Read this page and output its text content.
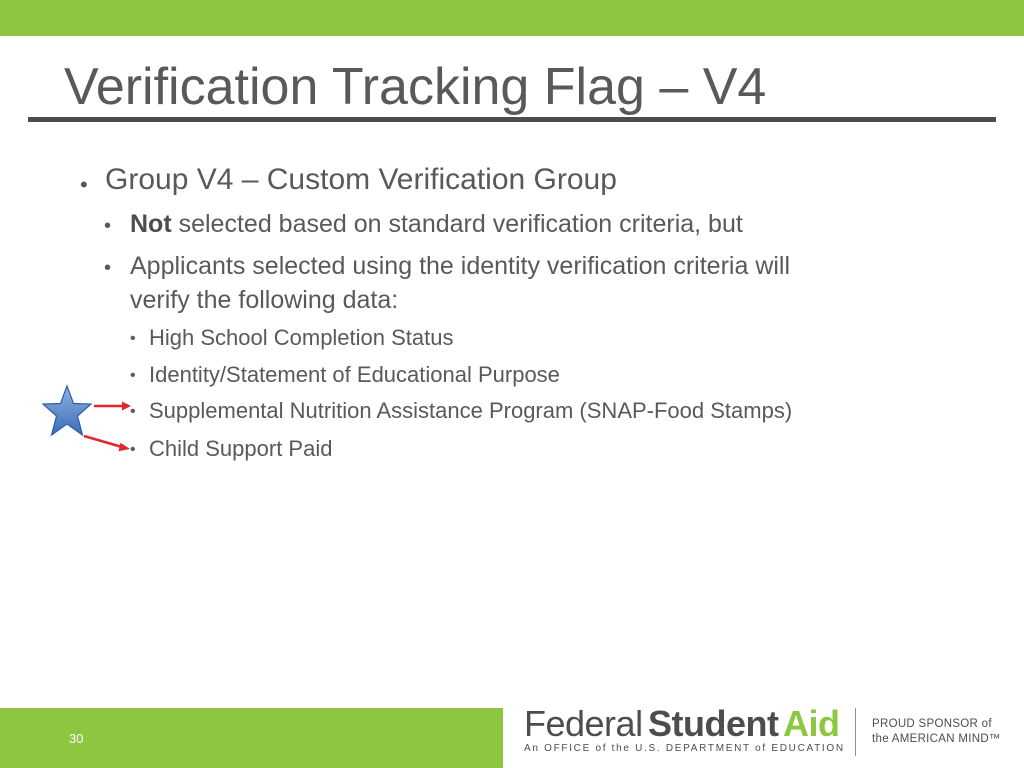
Verification Tracking Flag – V4
• Group V4 – Custom Verification Group
• Not selected based on standard verification criteria, but
• Applicants selected using the identity verification criteria will
verify the following data:
• High School Completion Status
• Identity/Statement of Educational Purpose
• Supplemental Nutrition Assistance Program (SNAP-Food Stamps)
• Child Support Paid
30	Federal Student Aid
An OFFICE of the U.S. DEPARTMENT of EDUCATION
PROUD SPONSOR of
the AMERICAN MIND™
